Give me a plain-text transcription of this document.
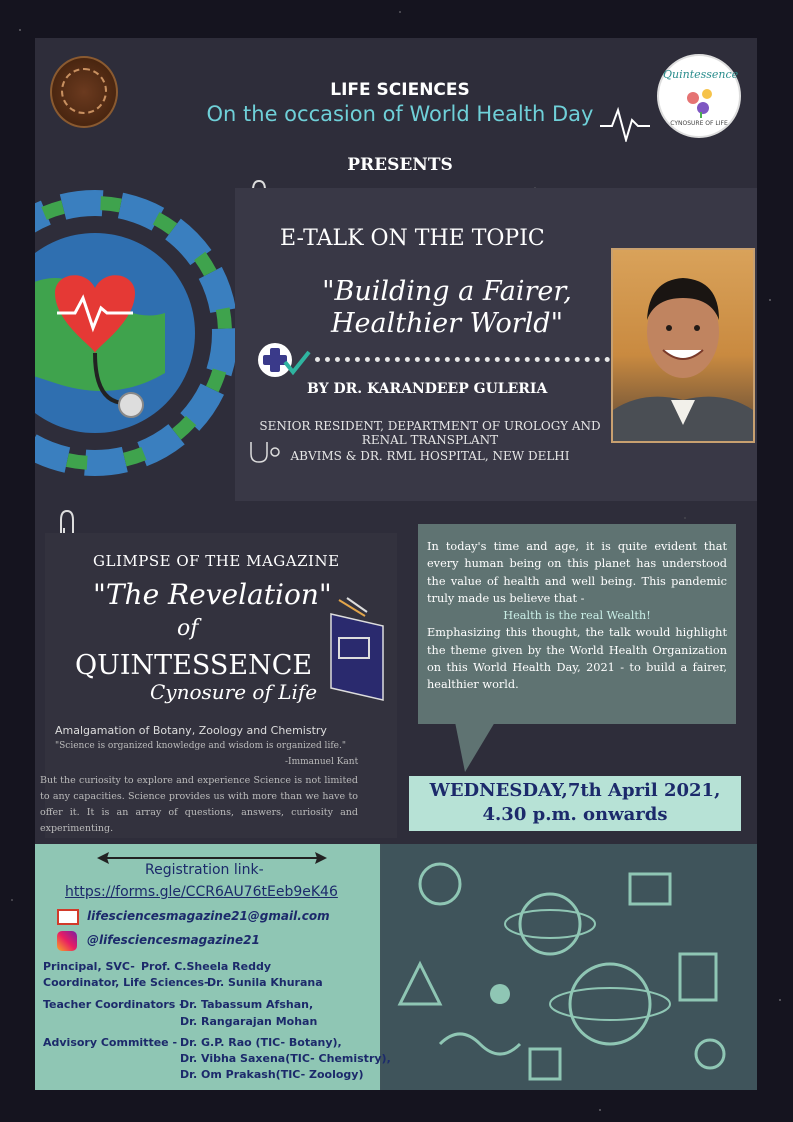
LIFE SCIENCES
On the occasion of World Health Day
PRESENTS
Quintessence
CYNOSURE OF LIFE
E-TALK ON THE TOPIC
"Building a Fairer,
Healthier World"
BY DR. KARANDEEP GULERIA
SENIOR RESIDENT, DEPARTMENT OF UROLOGY AND
RENAL TRANSPLANT
ABVIMS & DR. RML HOSPITAL, NEW DELHI
GLIMPSE OF THE MAGAZINE
"The Revelation"
of
QUINTESSENCE
Cynosure of Life
Amalgamation of Botany, Zoology and Chemistry
"Science is organized knowledge and wisdom is organized life."
-Immanuel Kant
But the curiosity to explore and experience Science is not limited to any capacities. Science provides us with more than we have to offer it. It is an array of questions, answers, curiosity and experimenting.
In today's time and age, it is quite evident that every human being on this planet has understood the value of health and well being. This pandemic truly made us believe that -
Health is the real Wealth!
Emphasizing this thought, the talk would highlight the theme given by the World Health Organization on this World Health Day, 2021 - to build a fairer, healthier world.
WEDNESDAY,7th April 2021,
4.30 p.m. onwards
Registration link-
https://forms.gle/CCR6AU76tEeb9eK46
lifesciencesmagazine21@gmail.com
@lifesciencesmagazine21
Principal, SVC- Prof. C.Sheela Reddy
Coordinator, Life Sciences-
Dr. Sunila Khurana
Teacher Coordinators -
Dr. Tabassum Afshan,
Dr. Rangarajan Mohan
Advisory Committee - Dr. G.P. Rao (TIC- Botany),
Dr. Vibha Saxena(TIC- Chemistry),
Dr. Om Prakash(TIC- Zoology)
